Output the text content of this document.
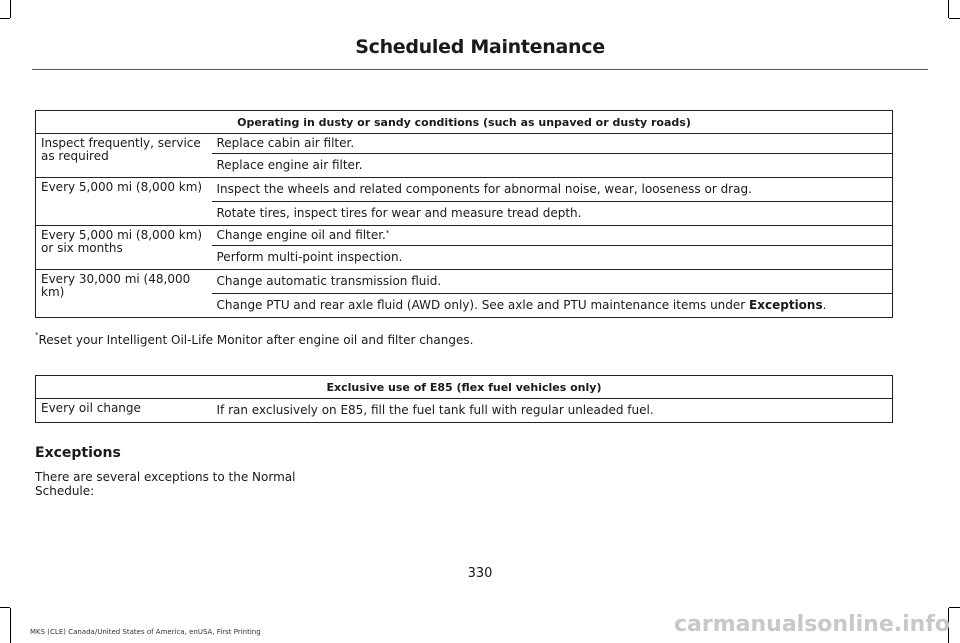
Scheduled Maintenance
Operating in dusty or sandy conditions (such as unpaved or dusty roads)	
Inspect frequently, service as required	Replace cabin air filter.
	Replace engine air filter.
Every 5,000 mi (8,000 km)	Inspect the wheels and related components for abnormal noise, wear, looseness or drag.
	Rotate tires, inspect tires for wear and measure tread depth.
Every 5,000 mi (8,000 km) or six months	Change engine oil and filter.*
	Perform multi-point inspection.
Every 30,000 mi (48,000 km)	Change automatic transmission fluid.
	Change PTU and rear axle fluid (AWD only). See axle and PTU maintenance items under Exceptions.
*Reset your Intelligent Oil-Life Monitor after engine oil and filter changes.
Exclusive use of E85 (flex fuel vehicles only)
Every oil change	If ran exclusively on E85, fill the fuel tank full with regular unleaded fuel.
Exceptions
There are several exceptions to the Normal Schedule:
330
MKS (CLE) Canada/United States of America, enUSA, First Printing	carmanualsonline.info
